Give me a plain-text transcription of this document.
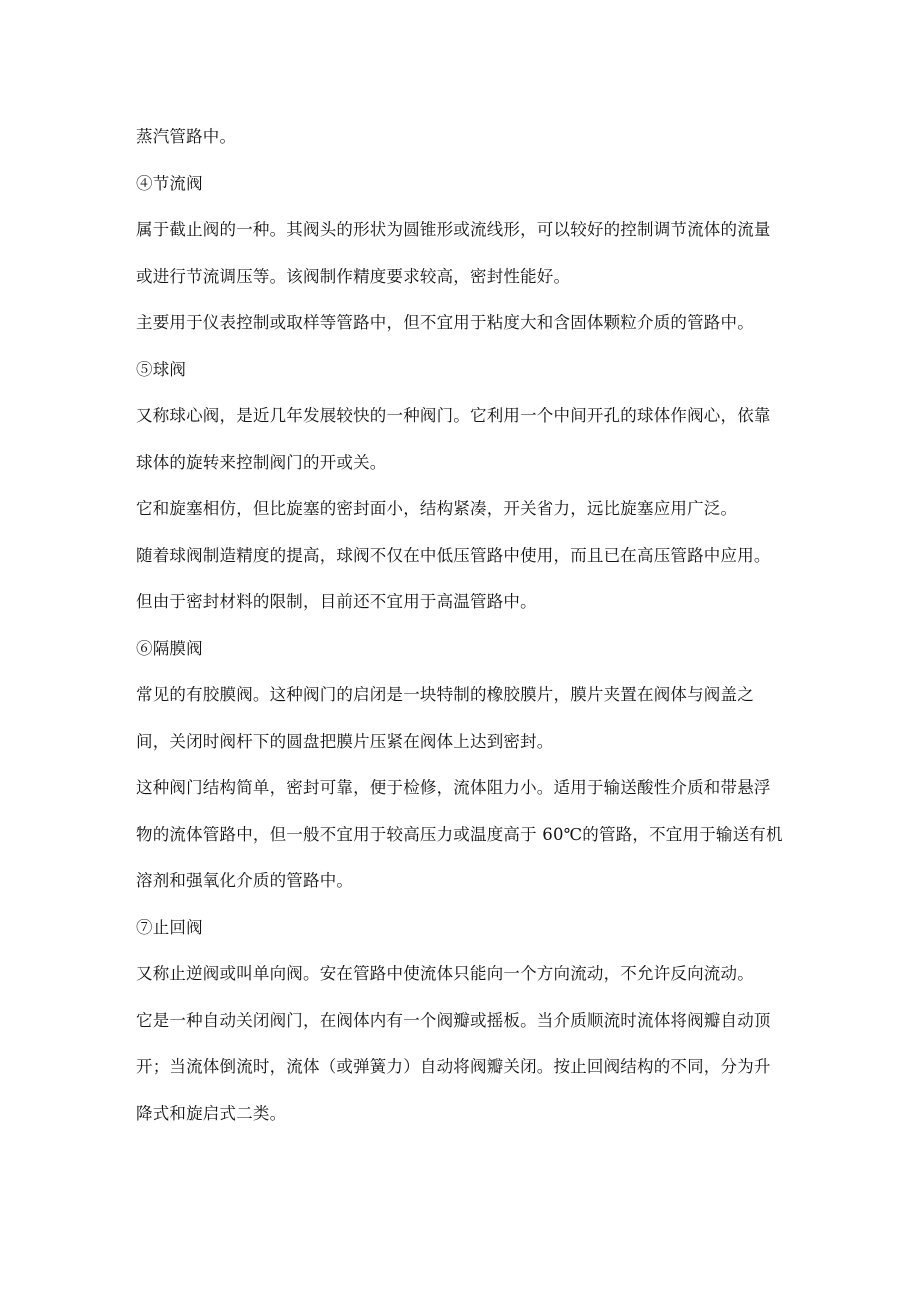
蒸汽管路中。

④节流阀

属于截止阀的一种。其阀头的形状为圆锥形或流线形，可以较好的控制调节流体的流量

或进行节流调压等。该阀制作精度要求较高，密封性能好。

主要用于仪表控制或取样等管路中，但不宜用于粘度大和含固体颗粒介质的管路中。

⑤球阀

又称球心阀，是近几年发展较快的一种阀门。它利用一个中间开孔的球体作阀心，依靠

球体的旋转来控制阀门的开或关。

它和旋塞相仿，但比旋塞的密封面小，结构紧凑，开关省力，远比旋塞应用广泛。

随着球阀制造精度的提高，球阀不仅在中低压管路中使用，而且已在高压管路中应用。

但由于密封材料的限制，目前还不宜用于高温管路中。

⑥隔膜阀

常见的有胶膜阀。这种阀门的启闭是一块特制的橡胶膜片，膜片夹置在阀体与阀盖之

间，关闭时阀杆下的圆盘把膜片压紧在阀体上达到密封。

这种阀门结构简单，密封可靠，便于检修，流体阻力小。适用于输送酸性介质和带悬浮

物的流体管路中，但一般不宜用于较高压力或温度高于 60℃的管路，不宜用于输送有机

溶剂和强氧化介质的管路中。

⑦止回阀

又称止逆阀或叫单向阀。安在管路中使流体只能向一个方向流动，不允许反向流动。

它是一种自动关闭阀门，在阀体内有一个阀瓣或摇板。当介质顺流时流体将阀瓣自动顶

开；当流体倒流时，流体（或弹簧力）自动将阀瓣关闭。按止回阀结构的不同，分为升

降式和旋启式二类。
